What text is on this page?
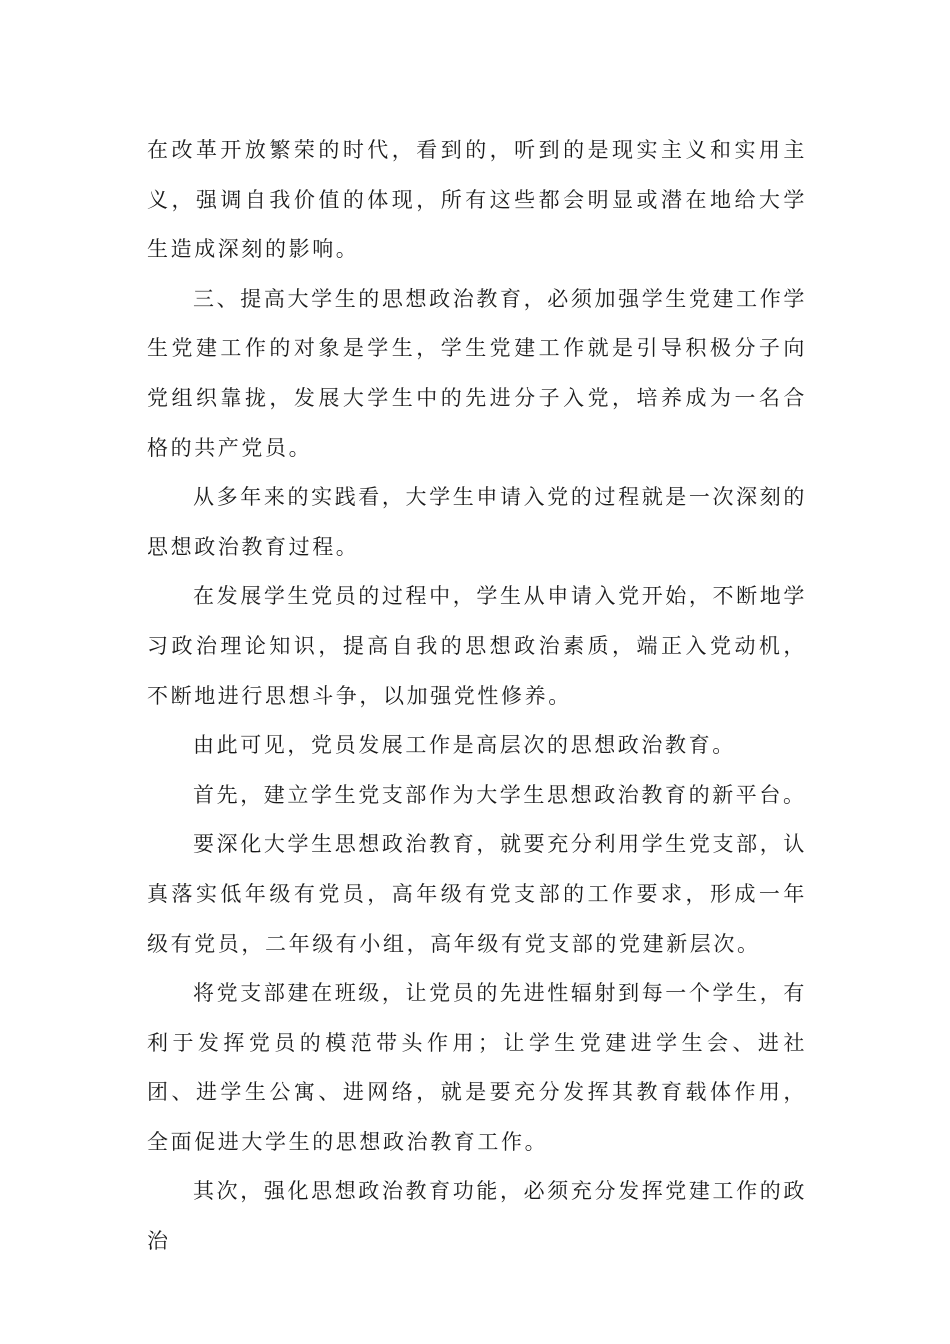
在改革开放繁荣的时代，看到的，听到的是现实主义和实用主义，强调自我价值的体现，所有这些都会明显或潜在地给大学生造成深刻的影响。

三、提高大学生的思想政治教育，必须加强学生党建工作学生党建工作的对象是学生，学生党建工作就是引导积极分子向党组织靠拢，发展大学生中的先进分子入党，培养成为一名合格的共产党员。

从多年来的实践看，大学生申请入党的过程就是一次深刻的思想政治教育过程。

在发展学生党员的过程中，学生从申请入党开始，不断地学习政治理论知识，提高自我的思想政治素质，端正入党动机，不断地进行思想斗争，以加强党性修养。

由此可见，党员发展工作是高层次的思想政治教育。

首先，建立学生党支部作为大学生思想政治教育的新平台。

要深化大学生思想政治教育，就要充分利用学生党支部，认真落实低年级有党员，高年级有党支部的工作要求，形成一年级有党员，二年级有小组，高年级有党支部的党建新层次。

将党支部建在班级，让党员的先进性辐射到每一个学生，有利于发挥党员的模范带头作用；让学生党建进学生会、进社团、进学生公寓、进网络，就是要充分发挥其教育载体作用，全面促进大学生的思想政治教育工作。

其次，强化思想政治教育功能，必须充分发挥党建工作的政治
